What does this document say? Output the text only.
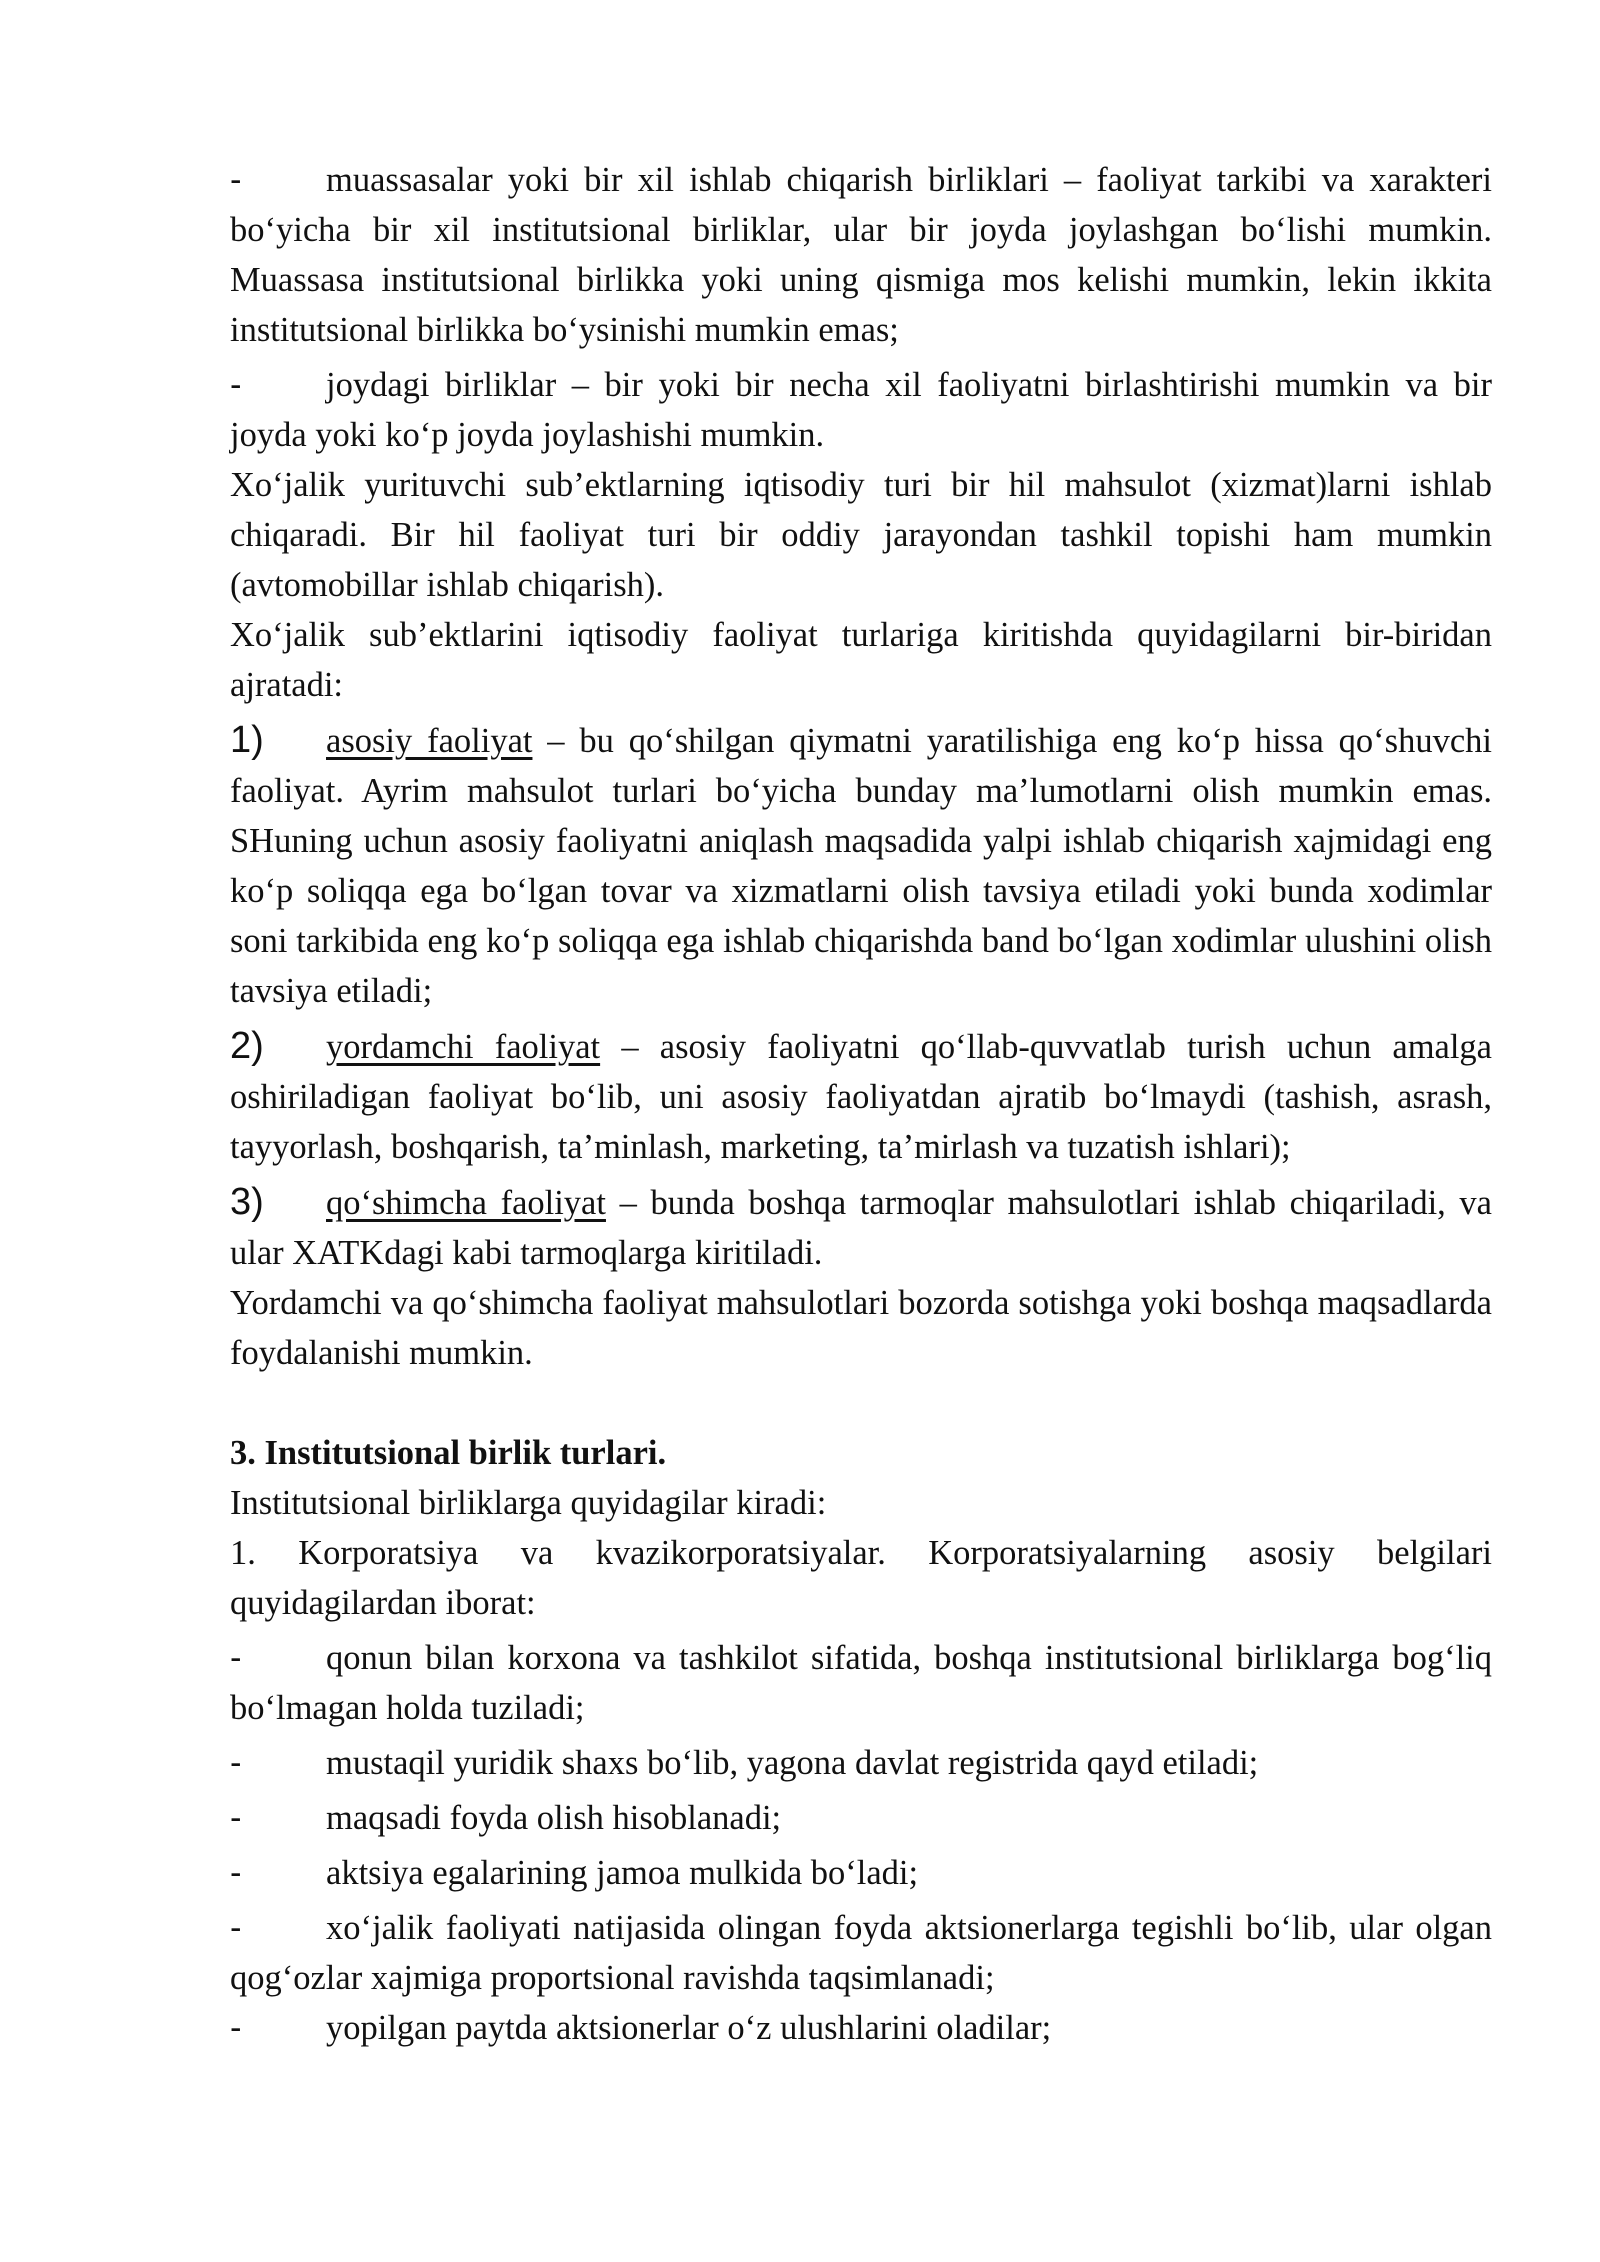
- muassasalar yoki bir xil ishlab chiqarish birliklari – faoliyat tarkibi va xarakteri bo‘yicha bir xil institutsional birliklar, ular bir joyda joylashgan bo‘lishi mumkin. Muassasa institutsional birlikka yoki uning qismiga mos kelishi mumkin, lekin ikkita institutsional birlikka bo‘ysinishi mumkin emas;

- joydagi birliklar – bir yoki bir necha xil faoliyatni birlashtirishi mumkin va bir joyda yoki ko‘p joyda joylashishi mumkin.

Xo‘jalik yurituvchi sub’ektlarning iqtisodiy turi bir hil mahsulot (xizmat)larni ishlab chiqaradi. Bir hil faoliyat turi bir oddiy jarayondan tashkil topishi ham mumkin (avtomobillar ishlab chiqarish).

Xo‘jalik sub’ektlarini iqtisodiy faoliyat turlariga kiritishda quyidagilarni bir-biridan ajratadi:

1) asosiy faoliyat – bu qo‘shilgan qiymatni yaratilishiga eng ko‘p hissa qo‘shuvchi faoliyat. Ayrim mahsulot turlari bo‘yicha bunday ma’lumotlarni olish mumkin emas. SHuning uchun asosiy faoliyatni aniqlash maqsadida yalpi ishlab chiqarish xajmidagi eng ko‘p soliqqa ega bo‘lgan tovar va xizmatlarni olish tavsiya etiladi yoki bunda xodimlar soni tarkibida eng ko‘p soliqqa ega ishlab chiqarishda band bo‘lgan xodimlar ulushini olish tavsiya etiladi;

2) yordamchi faoliyat – asosiy faoliyatni qo‘llab-quvvatlab turish uchun amalga oshiriladigan faoliyat bo‘lib, uni asosiy faoliyatdan ajratib bo‘lmaydi (tashish, asrash, tayyorlash, boshqarish, ta’minlash, marketing, ta’mirlash va tuzatish ishlari);

3) qo‘shimcha faoliyat – bunda boshqa tarmoqlar mahsulotlari ishlab chiqariladi, va ular XATKdagi kabi tarmoqlarga kiritiladi.

Yordamchi va qo‘shimcha faoliyat mahsulotlari bozorda sotishga yoki boshqa maqsadlarda foydalanishi mumkin.

3. Institutsional birlik turlari.

Institutsional birliklarga quyidagilar kiradi:

1. Korporatsiya va kvazikorporatsiyalar. Korporatsiyalarning asosiy belgilari quyidagilardan iborat:

- qonun bilan korxona va tashkilot sifatida, boshqa institutsional birliklarga bog‘liq bo‘lmagan holda tuziladi;

- mustaqil yuridik shaxs bo‘lib, yagona davlat registrida qayd etiladi;

- maqsadi foyda olish hisoblanadi;

- aktsiya egalarining jamoa mulkida bo‘ladi;

- xo‘jalik faoliyati natijasida olingan foyda aktsionerlarga tegishli bo‘lib, ular olgan qog‘ozlar xajmiga proportsional ravishda taqsimlanadi;

- yopilgan paytda aktsionerlar o‘z ulushlarini oladilar;
